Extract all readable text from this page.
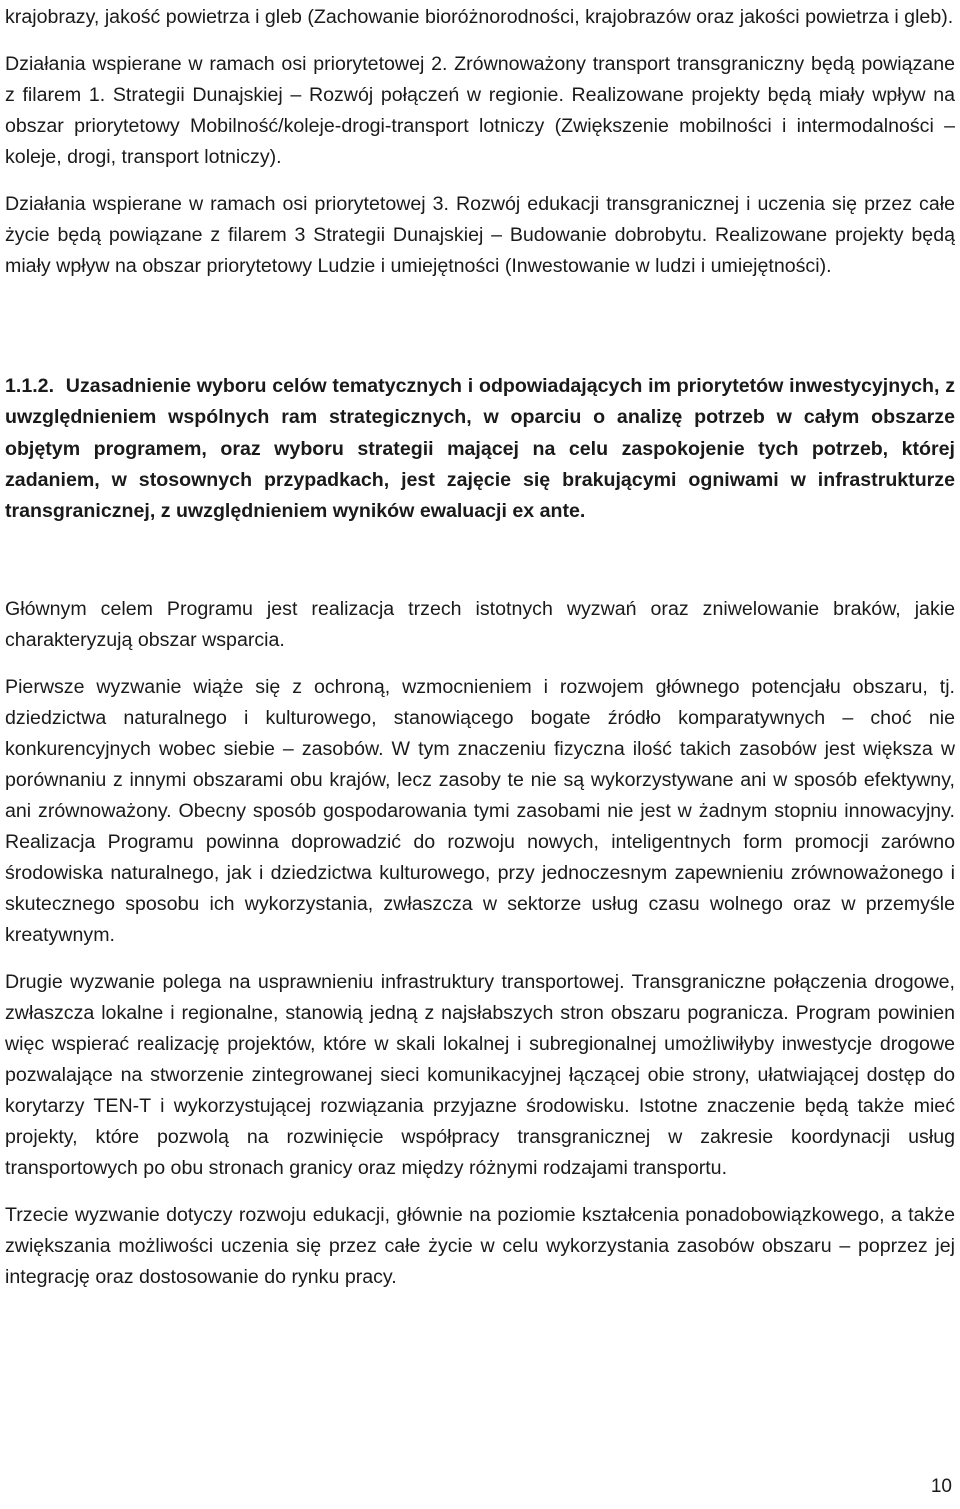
krajobrazy, jakość powietrza i gleb (Zachowanie bioróżnorodności, krajobrazów oraz jakości powietrza i gleb).

Działania wspierane w ramach osi priorytetowej 2. Zrównoważony transport transgraniczny będą powiązane z filarem 1. Strategii Dunajskiej – Rozwój połączeń w regionie. Realizowane projekty będą miały wpływ na obszar priorytetowy Mobilność/koleje-drogi-transport lotniczy (Zwiększenie mobilności i intermodalności – koleje, drogi, transport lotniczy).

Działania wspierane w ramach osi priorytetowej 3. Rozwój edukacji transgranicznej i uczenia się przez całe życie będą powiązane z filarem 3 Strategii Dunajskiej – Budowanie dobrobytu. Realizowane projekty będą miały wpływ na obszar priorytetowy Ludzie i umiejętności (Inwestowanie w ludzi i umiejętności).

1.1.2. Uzasadnienie wyboru celów tematycznych i odpowiadających im priorytetów inwestycyjnych, z uwzględnieniem wspólnych ram strategicznych, w oparciu o analizę potrzeb w całym obszarze objętym programem, oraz wyboru strategii mającej na celu zaspokojenie tych potrzeb, której zadaniem, w stosownych przypadkach, jest zajęcie się brakującymi ogniwami w infrastrukturze transgranicznej, z uwzględnieniem wyników ewaluacji ex ante.

Głównym celem Programu jest realizacja trzech istotnych wyzwań oraz zniwelowanie braków, jakie charakteryzują obszar wsparcia.

Pierwsze wyzwanie wiąże się z ochroną, wzmocnieniem i rozwojem głównego potencjału obszaru, tj. dziedzictwa naturalnego i kulturowego, stanowiącego bogate źródło komparatywnych – choć nie konkurencyjnych wobec siebie – zasobów. W tym znaczeniu fizyczna ilość takich zasobów jest większa w porównaniu z innymi obszarami obu krajów, lecz zasoby te nie są wykorzystywane ani w sposób efektywny, ani zrównoważony. Obecny sposób gospodarowania tymi zasobami nie jest w żadnym stopniu innowacyjny. Realizacja Programu powinna doprowadzić do rozwoju nowych, inteligentnych form promocji zarówno środowiska naturalnego, jak i dziedzictwa kulturowego, przy jednoczesnym zapewnieniu zrównoważonego i skutecznego sposobu ich wykorzystania, zwłaszcza w sektorze usług czasu wolnego oraz w przemyśle kreatywnym.

Drugie wyzwanie polega na usprawnieniu infrastruktury transportowej. Transgraniczne połączenia drogowe, zwłaszcza lokalne i regionalne, stanowią jedną z najsłabszych stron obszaru pogranicza. Program powinien więc wspierać realizację projektów, które w skali lokalnej i subregionalnej umożliwiłyby inwestycje drogowe pozwalające na stworzenie zintegrowanej sieci komunikacyjnej łączącej obie strony, ułatwiającej dostęp do korytarzy TEN-T i wykorzystującej rozwiązania przyjazne środowisku. Istotne znaczenie będą także mieć projekty, które pozwolą na rozwinięcie współpracy transgranicznej w zakresie koordynacji usług transportowych po obu stronach granicy oraz między różnymi rodzajami transportu.

Trzecie wyzwanie dotyczy rozwoju edukacji, głównie na poziomie kształcenia ponadobowiązkowego, a także zwiększania możliwości uczenia się przez całe życie w celu wykorzystania zasobów obszaru – poprzez jej integrację oraz dostosowanie do rynku pracy.

10
